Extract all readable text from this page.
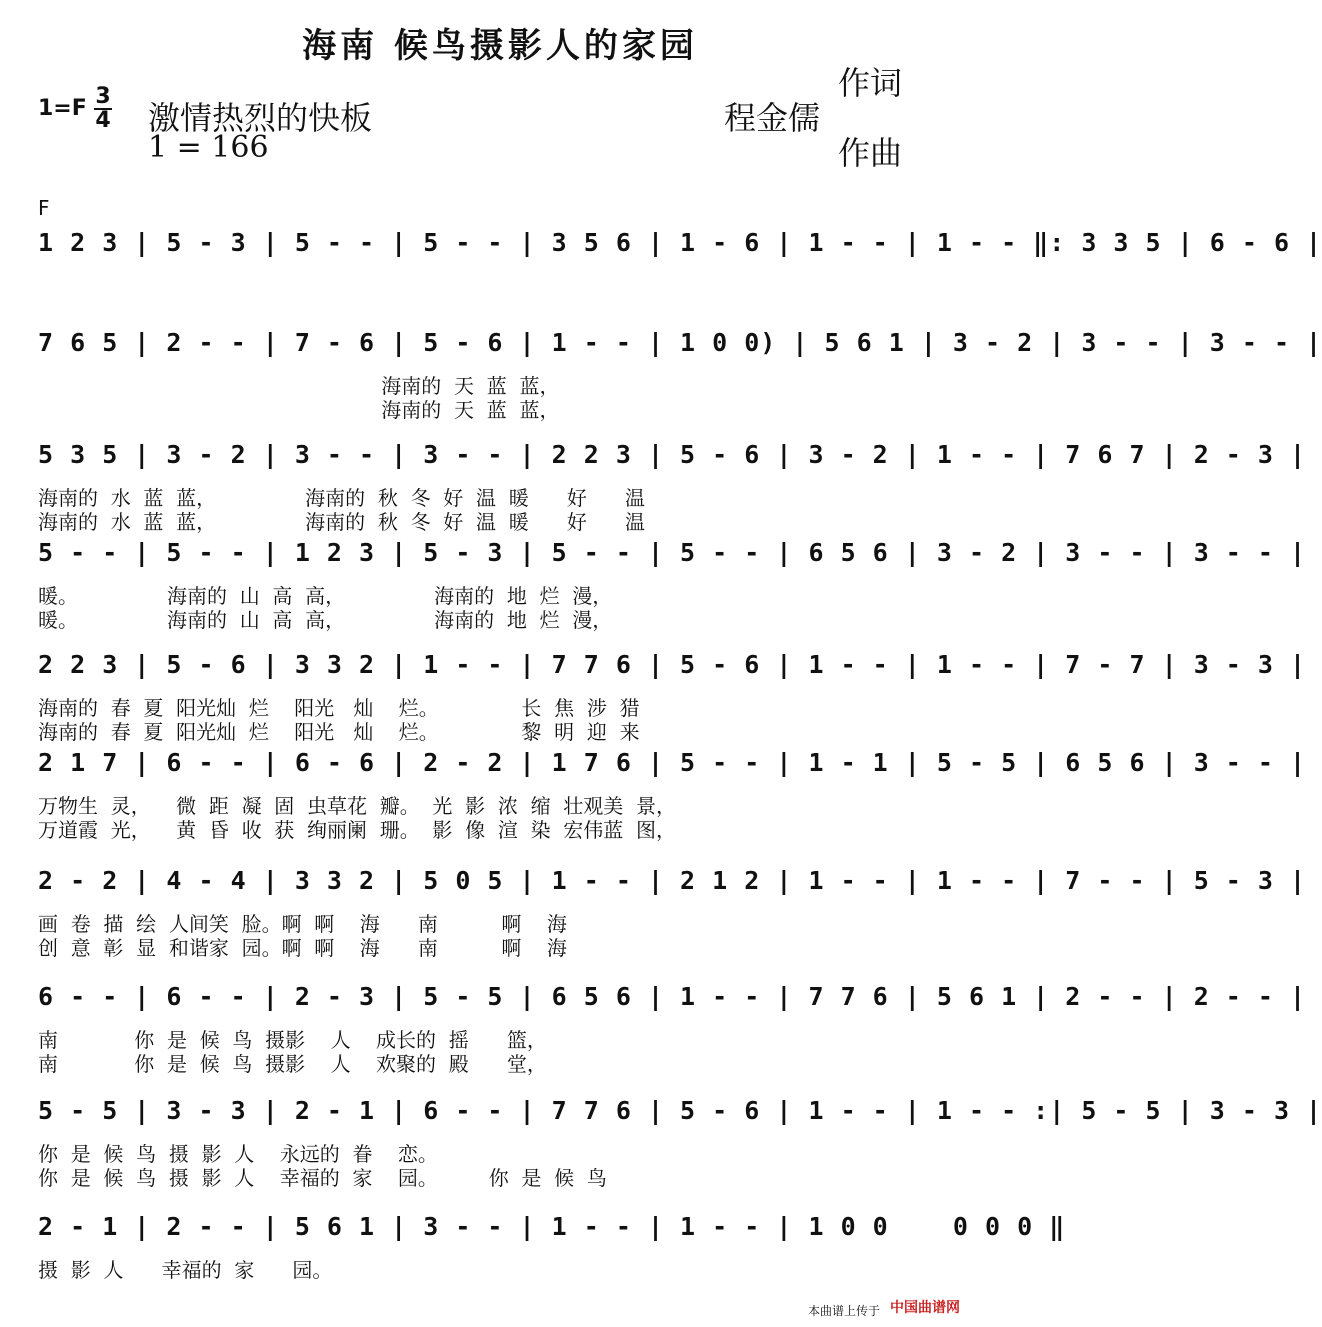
海南 候鸟摄影人的家园
$1=F \frac{3}{4}$ 激情热烈的快板
1 = 166
作词
程金儒
作曲
F
1 2 3 | 5 - 3 | 5 - - | 5 - - | 3 5 6 | 1 - 6 | 1 - - | 1 - - ‖: 3 3 5 | 6 - 6 |
7 6 5 | 2 - - | 7 - 6 | 5 - 6 | 1 - - | 1 0 0) | 5 6 1 | 3 - 2 | 3 - - | 3 - - |
海南的  天  蓝  蓝，
海南的  天  蓝  蓝，
5 3 5 | 3 - 2 | 3 - - | 3 - - | 2 2 3 | 5 - 6 | 3 - 2 | 1 - - | 7 6 7 | 2 - 3 |
海南的  水  蓝  蓝，              海南的  秋  冬  好  温  暖      好      温
海南的  水  蓝  蓝，              海南的  秋  冬  好  温  暖      好      温
5 - - | 5 - - | 1 2 3 | 5 - 3 | 5 - - | 5 - - | 6 5 6 | 3 - 2 | 3 - - | 3 - - |
暖。              海南的  山  高  高，              海南的  地  烂  漫，
暖。              海南的  山  高  高，              海南的  地  烂  漫，
2 2 3 | 5 - 6 | 3 3 2 | 1 - - | 7 7 6 | 5 - 6 | 1 - - | 1 - - | 7 - 7 | 3 - 3 |
海南的  春  夏  阳光灿  烂    阳光   灿    烂。             长  焦  涉  猎
海南的  春  夏  阳光灿  烂    阳光   灿    烂。             黎  明  迎  来
2 1 7 | 6 - - | 6 - 6 | 2 - 2 | 1 7 6 | 5 - - | 1 - 1 | 5 - 5 | 6 5 6 | 3 - - |
万物生  灵，    微  距  凝  固  虫草花  瓣。  光  影  浓  缩  壮观美  景，
万道霞  光，    黄  昏  收  获  绚丽阑  珊。  影  像  渲  染  宏伟蓝  图，
2 - 2 | 4 - 4 | 3 3 2 | 5 0 5 | 1 - - | 2 1 2 | 1 - - | 1 - - | 7 - - | 5 - 3 |
画  卷  描  绘  人间笑  脸。啊  啊    海      南          啊    海
创  意  彰  显  和谐家  园。啊  啊    海      南          啊    海
6 - - | 6 - - | 2 - 3 | 5 - 5 | 6 5 6 | 1 - - | 7 7 6 | 5 6 1 | 2 - - | 2 - - |
南            你  是  候  鸟  摄影    人    成长的  摇      篮，
南            你  是  候  鸟  摄影    人    欢聚的  殿      堂，
5 - 5 | 3 - 3 | 2 - 1 | 6 - - | 7 7 6 | 5 - 6 | 1 - - | 1 - - :| 5 - 5 | 3 - 3 |
你  是  候  鸟  摄  影  人    永远的  眷    恋。
你  是  候  鸟  摄  影  人    幸福的  家    园。        你  是  候  鸟
2 - 1 | 2 - - | 5 6 1 | 3 - - | 1 - - | 1 - - | 1 0 0    0 0 0 ‖
摄  影  人      幸福的  家      园。
本曲谱上传于 中国曲谱网
